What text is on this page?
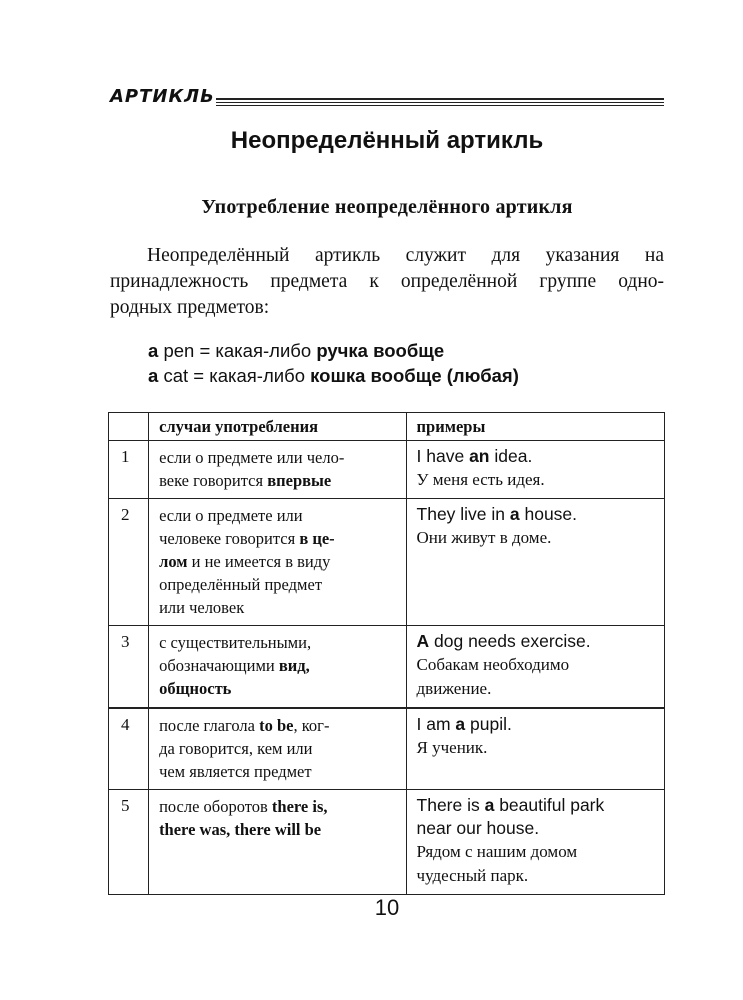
АРТИКЛЬ
Неопределённый артикль
Употребление неопределённого артикля
Неопределённый артикль служит для указания на
принадлежность предмета к определённой группе одно-
родных предметов:
a pen = какая-либо ручка вообще
a cat = какая-либо кошка вообще (любая)

	случаи употребления	примеры

1	если о предмете или чело-
веке говорится впервые	I have an idea.
У меня есть идея.

2	если о предмете или
человеке говорится в це-
лом и не имеется в виду
определённый предмет
или человек	They live in a house.
Они живут в доме.

3	с существительными,
обозначающими вид,
общность	A dog needs exercise.
Собакам необходимо
движение.

4	после глагола to be, ког-
да говорится, кем или
чем является предмет	I am a pupil.
Я ученик.

5	после оборотов there is,
there was, there will be	There is a beautiful park
near our house.
Рядом с нашим домом
чудесный парк.
10
